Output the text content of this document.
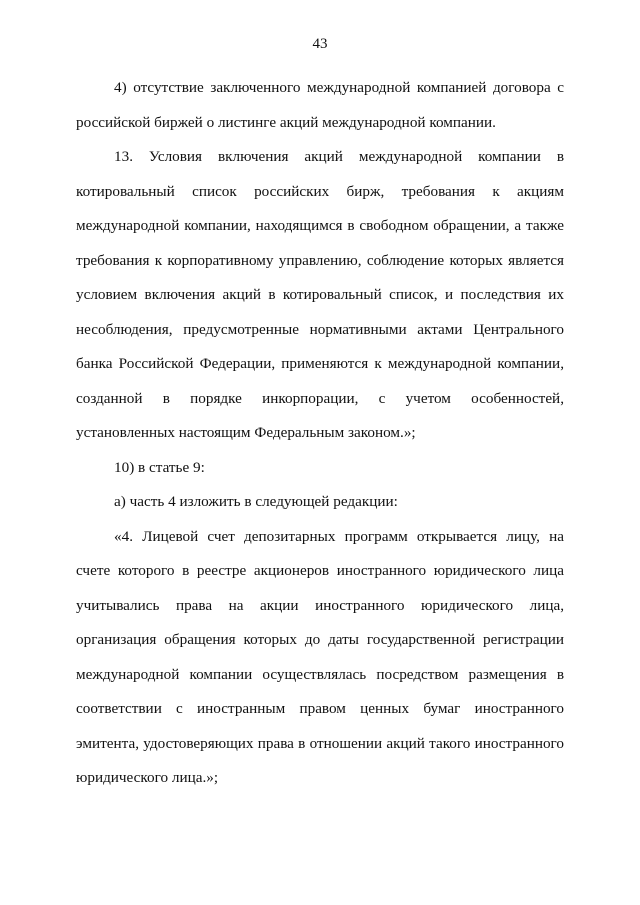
43

4) отсутствие заключенного международной компанией договора с российской биржей о листинге акций международной компании.

13. Условия включения акций международной компании в котировальный список российских бирж, требования к акциям международной компании, находящимся в свободном обращении, а также требования к корпоративному управлению, соблюдение которых является условием включения акций в котировальный список, и последствия их несоблюдения, предусмотренные нормативными актами Центрального банка Российской Федерации, применяются к международной компании, созданной в порядке инкорпорации, с учетом особенностей, установленных настоящим Федеральным законом.»;

10) в статье 9:

а) часть 4 изложить в следующей редакции:

«4. Лицевой счет депозитарных программ открывается лицу, на счете которого в реестре акционеров иностранного юридического лица учитывались права на акции иностранного юридического лица, организация обращения которых до даты государственной регистрации международной компании осуществлялась посредством размещения в соответствии с иностранным правом ценных бумаг иностранного эмитента, удостоверяющих права в отношении акций такого иностранного юридического лица.»;
